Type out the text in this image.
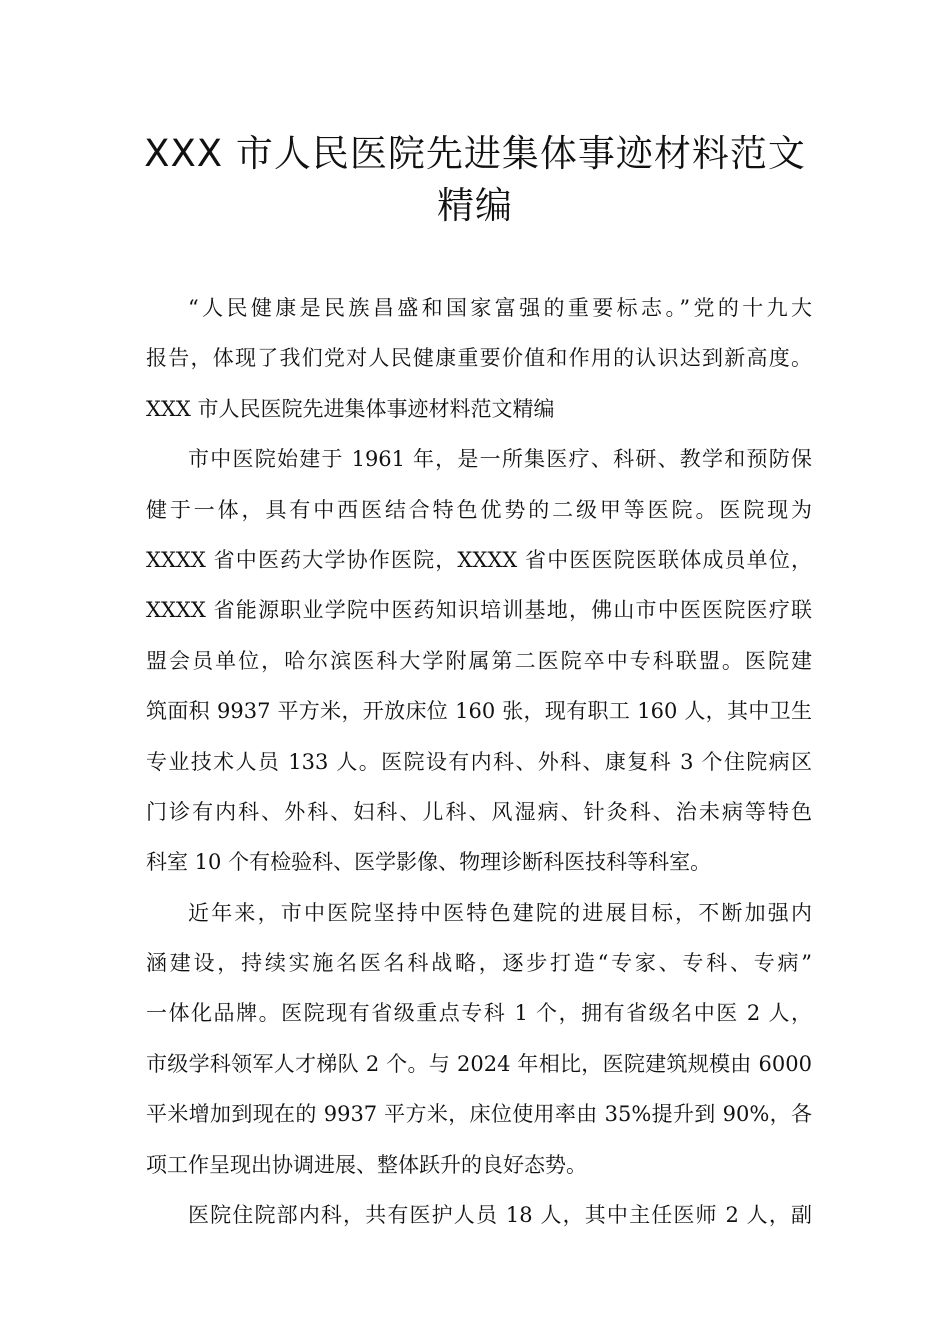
XXX 市人民医院先进集体事迹材料范文
精编
“人民健康是民族昌盛和国家富强的重要标志。”党的十九大
报告，体现了我们党对人民健康重要价值和作用的认识达到新高度。
XXX 市人民医院先进集体事迹材料范文精编
市中医院始建于 1961 年，是一所集医疗、科研、教学和预防保
健于一体，具有中西医结合特色优势的二级甲等医院。医院现为
XXXX 省中医药大学协作医院，XXXX 省中医医院医联体成员单位，
XXXX 省能源职业学院中医药知识培训基地，佛山市中医医院医疗联
盟会员单位，哈尔滨医科大学附属第二医院卒中专科联盟。医院建
筑面积 9937 平方米，开放床位 160 张，现有职工 160 人，其中卫生
专业技术人员 133 人。医院设有内科、外科、康复科 3 个住院病区
门诊有内科、外科、妇科、儿科、风湿病、针灸科、治未病等特色
科室 10 个有检验科、医学影像、物理诊断科医技科等科室。
近年来，市中医院坚持中医特色建院的进展目标，不断加强内
涵建设，持续实施名医名科战略，逐步打造“专家、专科、专病”
一体化品牌。医院现有省级重点专科 1 个，拥有省级名中医 2 人，
市级学科领军人才梯队 2 个。与 2024 年相比，医院建筑规模由 6000
平米增加到现在的 9937 平方米，床位使用率由 35%提升到 90%，各
项工作呈现出协调进展、整体跃升的良好态势。
医院住院部内科，共有医护人员 18 人，其中主任医师 2 人，副
